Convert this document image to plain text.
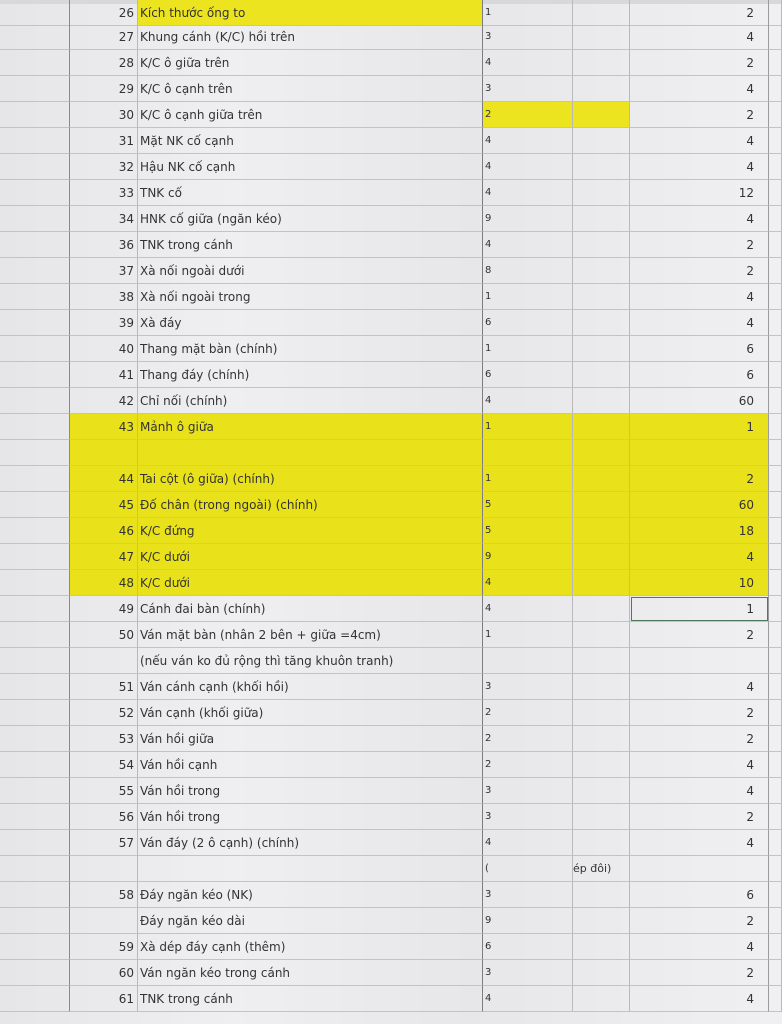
26 Kích thước ống to	1	2
27 Khung cánh (K/C) hồi trên	3	4
28 K/C ô giữa trên	4	2
29 K/C ô cạnh trên	3	4
30 K/C ô cạnh giữa trên	2	2
31 Mặt NK cố cạnh	4	4
32 Hậu NK cố cạnh	4	4
33 TNK cố	4	12
34 HNK cố giữa (ngăn kéo)	9	4
36 TNK trong cánh	4	2
37 Xà nối ngoài dưới	8	2
38 Xà nối ngoài trong	1	4
39 Xà đáy	6	4
40 Thang mặt bàn (chính)	1	6
41 Thang đáy (chính)	6	6
42 Chỉ nối (chính)	4	60
43 Mảnh ô giữa	1	1
44 Tai cột (ô giữa) (chính)	1	2
45 Đố chân (trong ngoài) (chính)	5	60
46 K/C đứng	5	18
47 K/C dưới	9	4
48 K/C dưới	4	10
49 Cánh đai bàn (chính)	4	1
50 Ván mặt bàn (nhân 2 bên + giữa =4cm)	1	2
(nếu ván ko đủ rộng thì tăng khuôn tranh)
51 Ván cánh cạnh (khối hồi)	3	4
52 Ván cạnh (khối giữa)	2	2
53 Ván hồi giữa	2	2
54 Ván hồi cạnh	2	4
55 Ván hồi trong	3	4
56 Ván hồi trong	3	2
57 Ván đáy (2 ô cạnh) (chính)	4	4
(	ép đôi)
58 Đáy ngăn kéo (NK)	3	6
Đáy ngăn kéo dài	9	2
59 Xà dép đáy cạnh (thêm)	6	4
60 Ván ngăn kéo trong cánh	3	2
61 TNK trong cánh	4	4
